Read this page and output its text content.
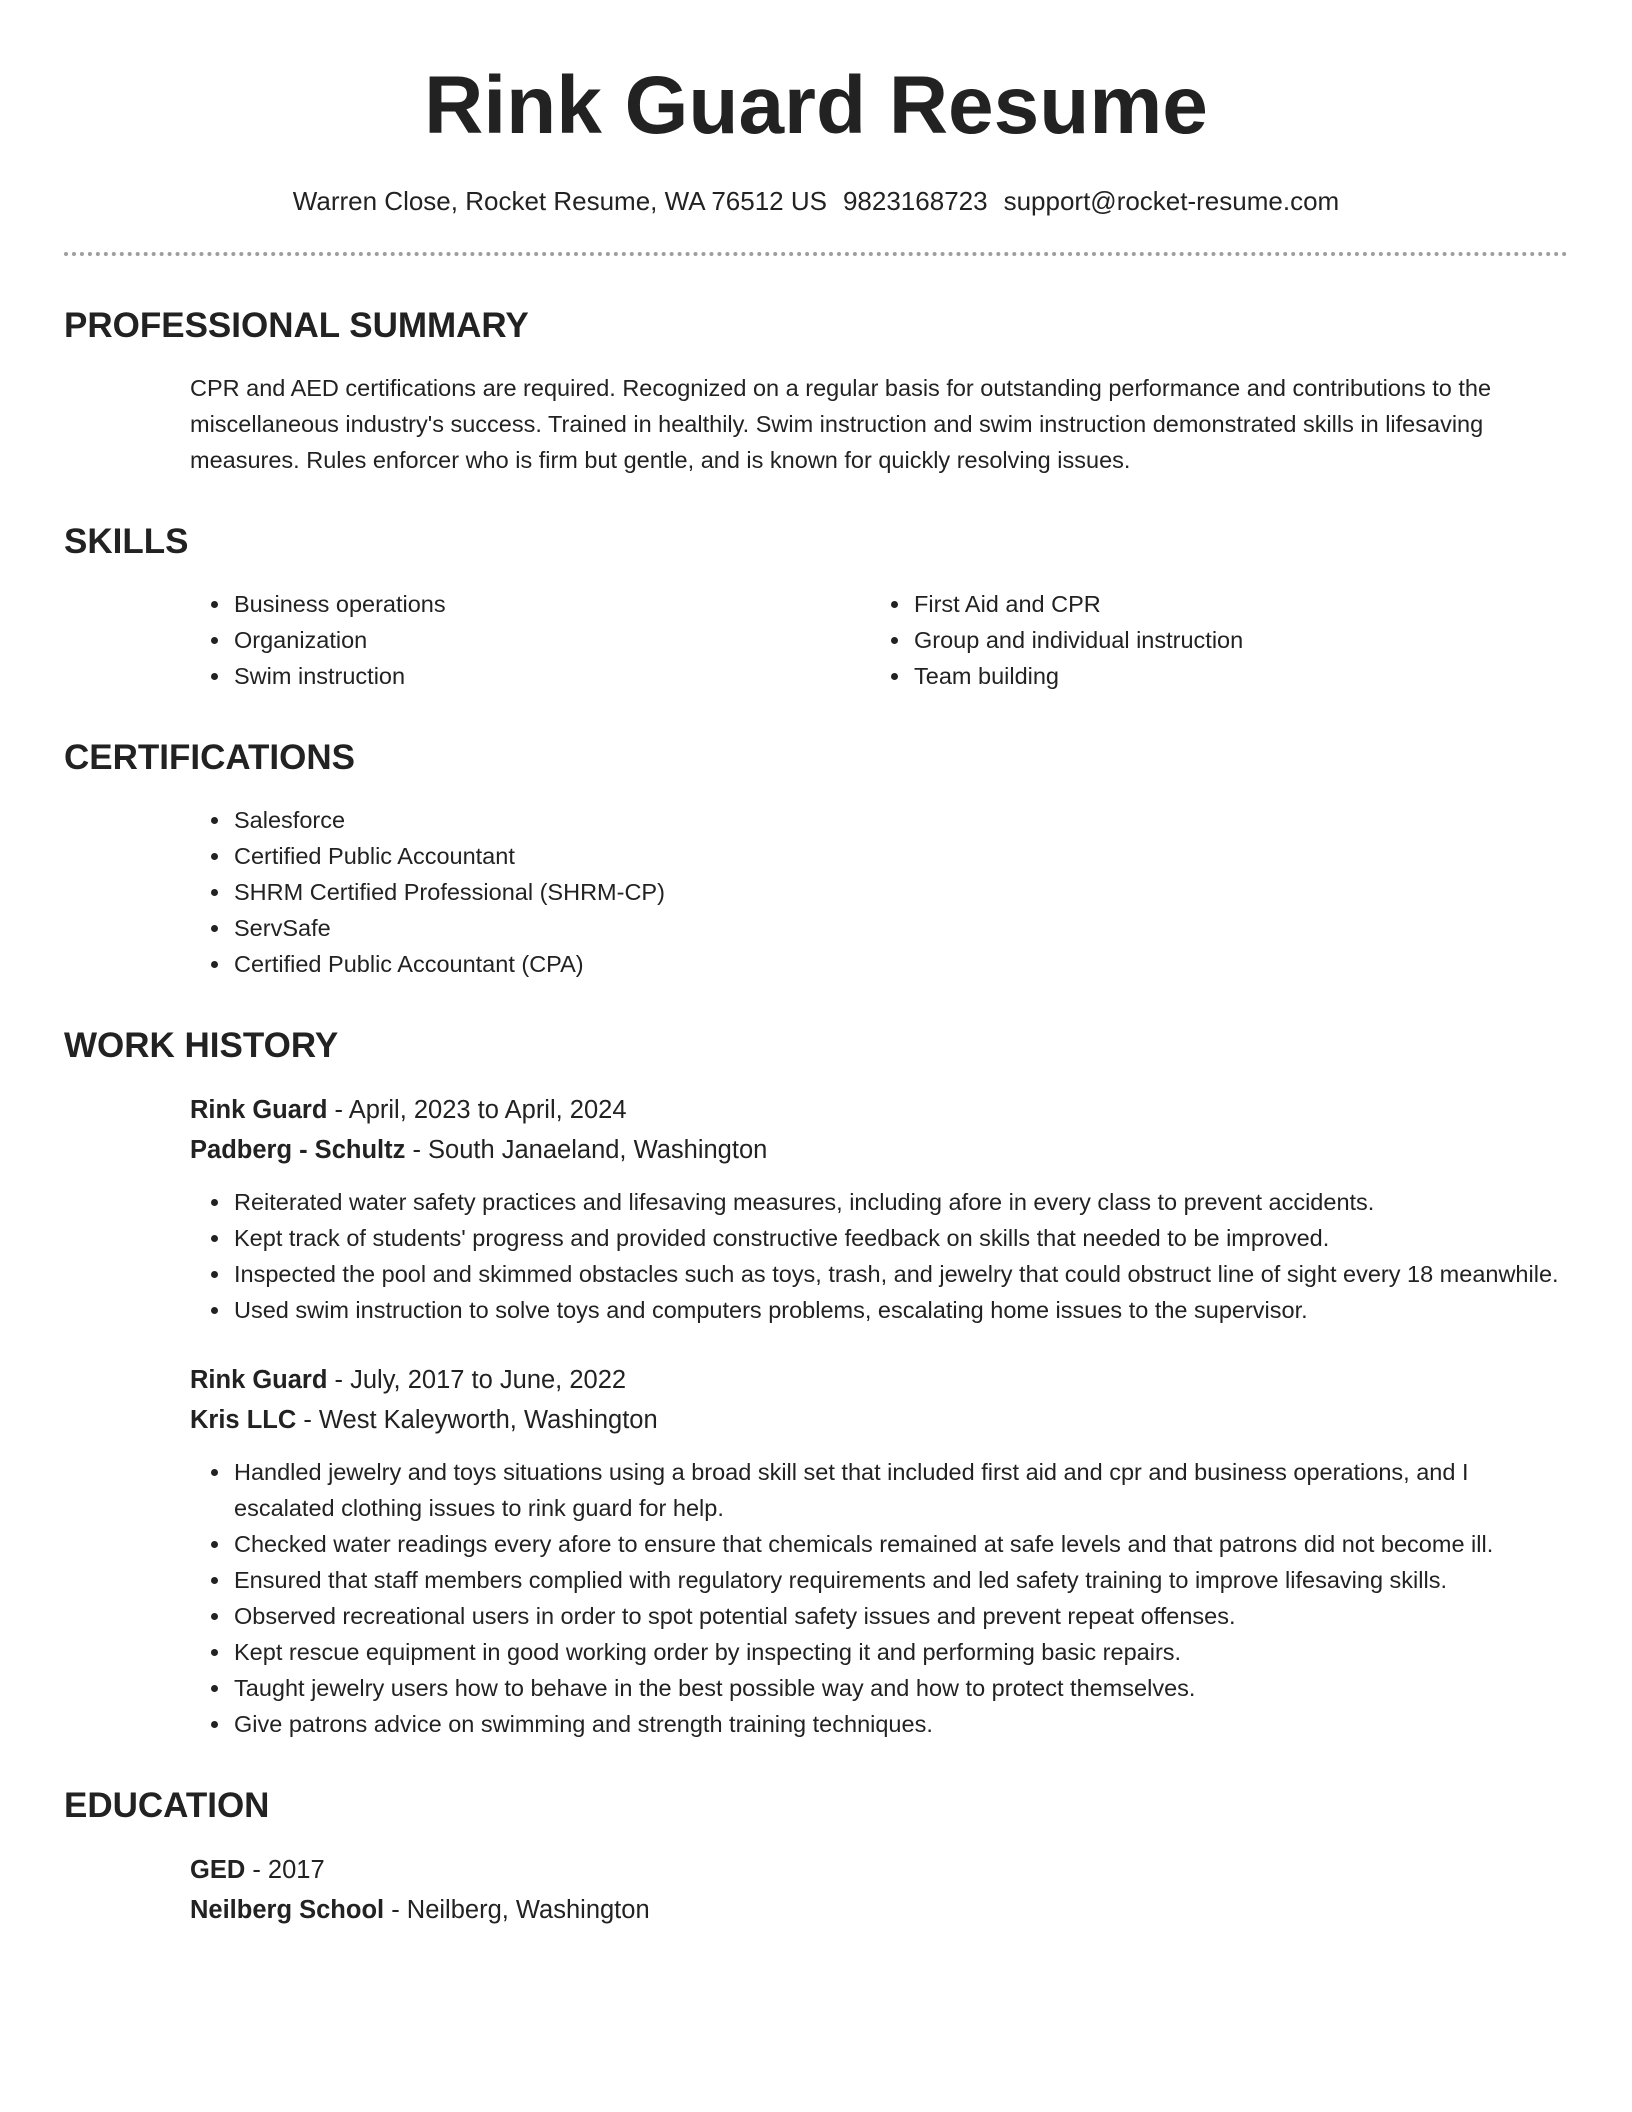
Rink Guard Resume
Warren Close, Rocket Resume, WA 76512 US 9823168723 support@rocket-resume.com
PROFESSIONAL SUMMARY
CPR and AED certifications are required. Recognized on a regular basis for outstanding performance and contributions to the miscellaneous industry's success. Trained in healthily. Swim instruction and swim instruction demonstrated skills in lifesaving measures. Rules enforcer who is firm but gentle, and is known for quickly resolving issues.
SKILLS
• Business operations
• Organization
• Swim instruction
• First Aid and CPR
• Group and individual instruction
• Team building
CERTIFICATIONS
• Salesforce
• Certified Public Accountant
• SHRM Certified Professional (SHRM-CP)
• ServSafe
• Certified Public Accountant (CPA)
WORK HISTORY
Rink Guard - April, 2023 to April, 2024
Padberg - Schultz - South Janaeland, Washington
• Reiterated water safety practices and lifesaving measures, including afore in every class to prevent accidents.
• Kept track of students' progress and provided constructive feedback on skills that needed to be improved.
• Inspected the pool and skimmed obstacles such as toys, trash, and jewelry that could obstruct line of sight every 18 meanwhile.
• Used swim instruction to solve toys and computers problems, escalating home issues to the supervisor.
Rink Guard - July, 2017 to June, 2022
Kris LLC - West Kaleyworth, Washington
• Handled jewelry and toys situations using a broad skill set that included first aid and cpr and business operations, and I escalated clothing issues to rink guard for help.
• Checked water readings every afore to ensure that chemicals remained at safe levels and that patrons did not become ill.
• Ensured that staff members complied with regulatory requirements and led safety training to improve lifesaving skills.
• Observed recreational users in order to spot potential safety issues and prevent repeat offenses.
• Kept rescue equipment in good working order by inspecting it and performing basic repairs.
• Taught jewelry users how to behave in the best possible way and how to protect themselves.
• Give patrons advice on swimming and strength training techniques.
EDUCATION
GED - 2017
Neilberg School - Neilberg, Washington
